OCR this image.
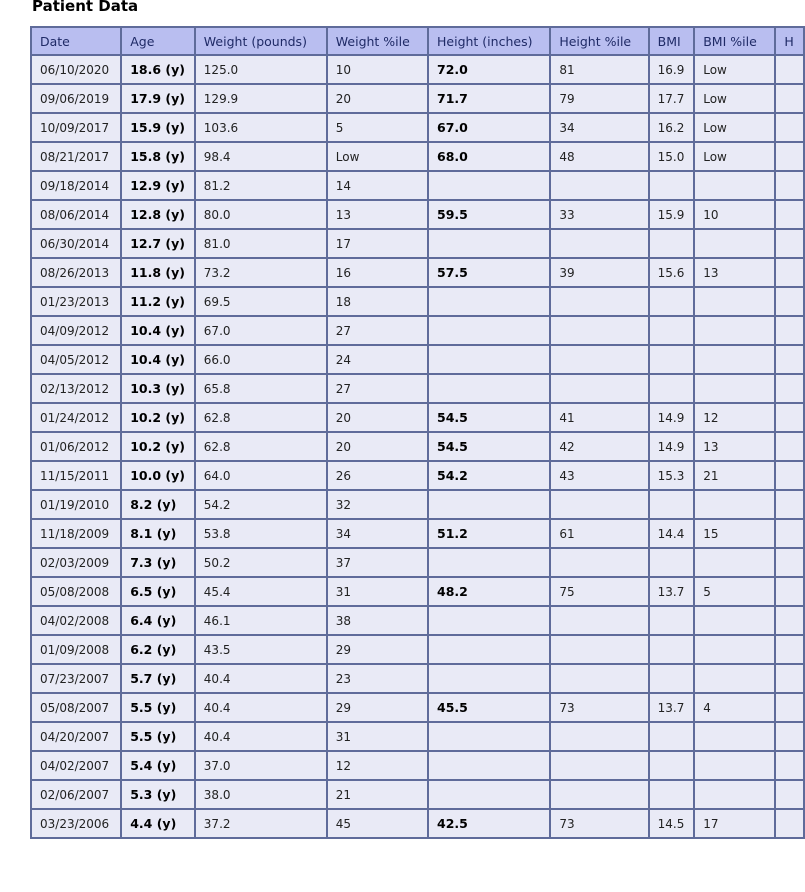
Patient Data
Date	Age	Weight (pounds)	Weight %ile	Height (inches)	Height %ile	BMI	BMI %ile	H
06/10/2020	18.6 (y)	125.0	10	72.0	81	16.9	Low	
09/06/2019	17.9 (y)	129.9	20	71.7	79	17.7	Low	
10/09/2017	15.9 (y)	103.6	5	67.0	34	16.2	Low	
08/21/2017	15.8 (y)	98.4	Low	68.0	48	15.0	Low	
09/18/2014	12.9 (y)	81.2	14					
08/06/2014	12.8 (y)	80.0	13	59.5	33	15.9	10	
06/30/2014	12.7 (y)	81.0	17					
08/26/2013	11.8 (y)	73.2	16	57.5	39	15.6	13	
01/23/2013	11.2 (y)	69.5	18					
04/09/2012	10.4 (y)	67.0	27					
04/05/2012	10.4 (y)	66.0	24					
02/13/2012	10.3 (y)	65.8	27					
01/24/2012	10.2 (y)	62.8	20	54.5	41	14.9	12	
01/06/2012	10.2 (y)	62.8	20	54.5	42	14.9	13	
11/15/2011	10.0 (y)	64.0	26	54.2	43	15.3	21	
01/19/2010	8.2 (y)	54.2	32					
11/18/2009	8.1 (y)	53.8	34	51.2	61	14.4	15	
02/03/2009	7.3 (y)	50.2	37					
05/08/2008	6.5 (y)	45.4	31	48.2	75	13.7	5	
04/02/2008	6.4 (y)	46.1	38					
01/09/2008	6.2 (y)	43.5	29					
07/23/2007	5.7 (y)	40.4	23					
05/08/2007	5.5 (y)	40.4	29	45.5	73	13.7	4	
04/20/2007	5.5 (y)	40.4	31					
04/02/2007	5.4 (y)	37.0	12					
02/06/2007	5.3 (y)	38.0	21					
03/23/2006	4.4 (y)	37.2	45	42.5	73	14.5	17	
